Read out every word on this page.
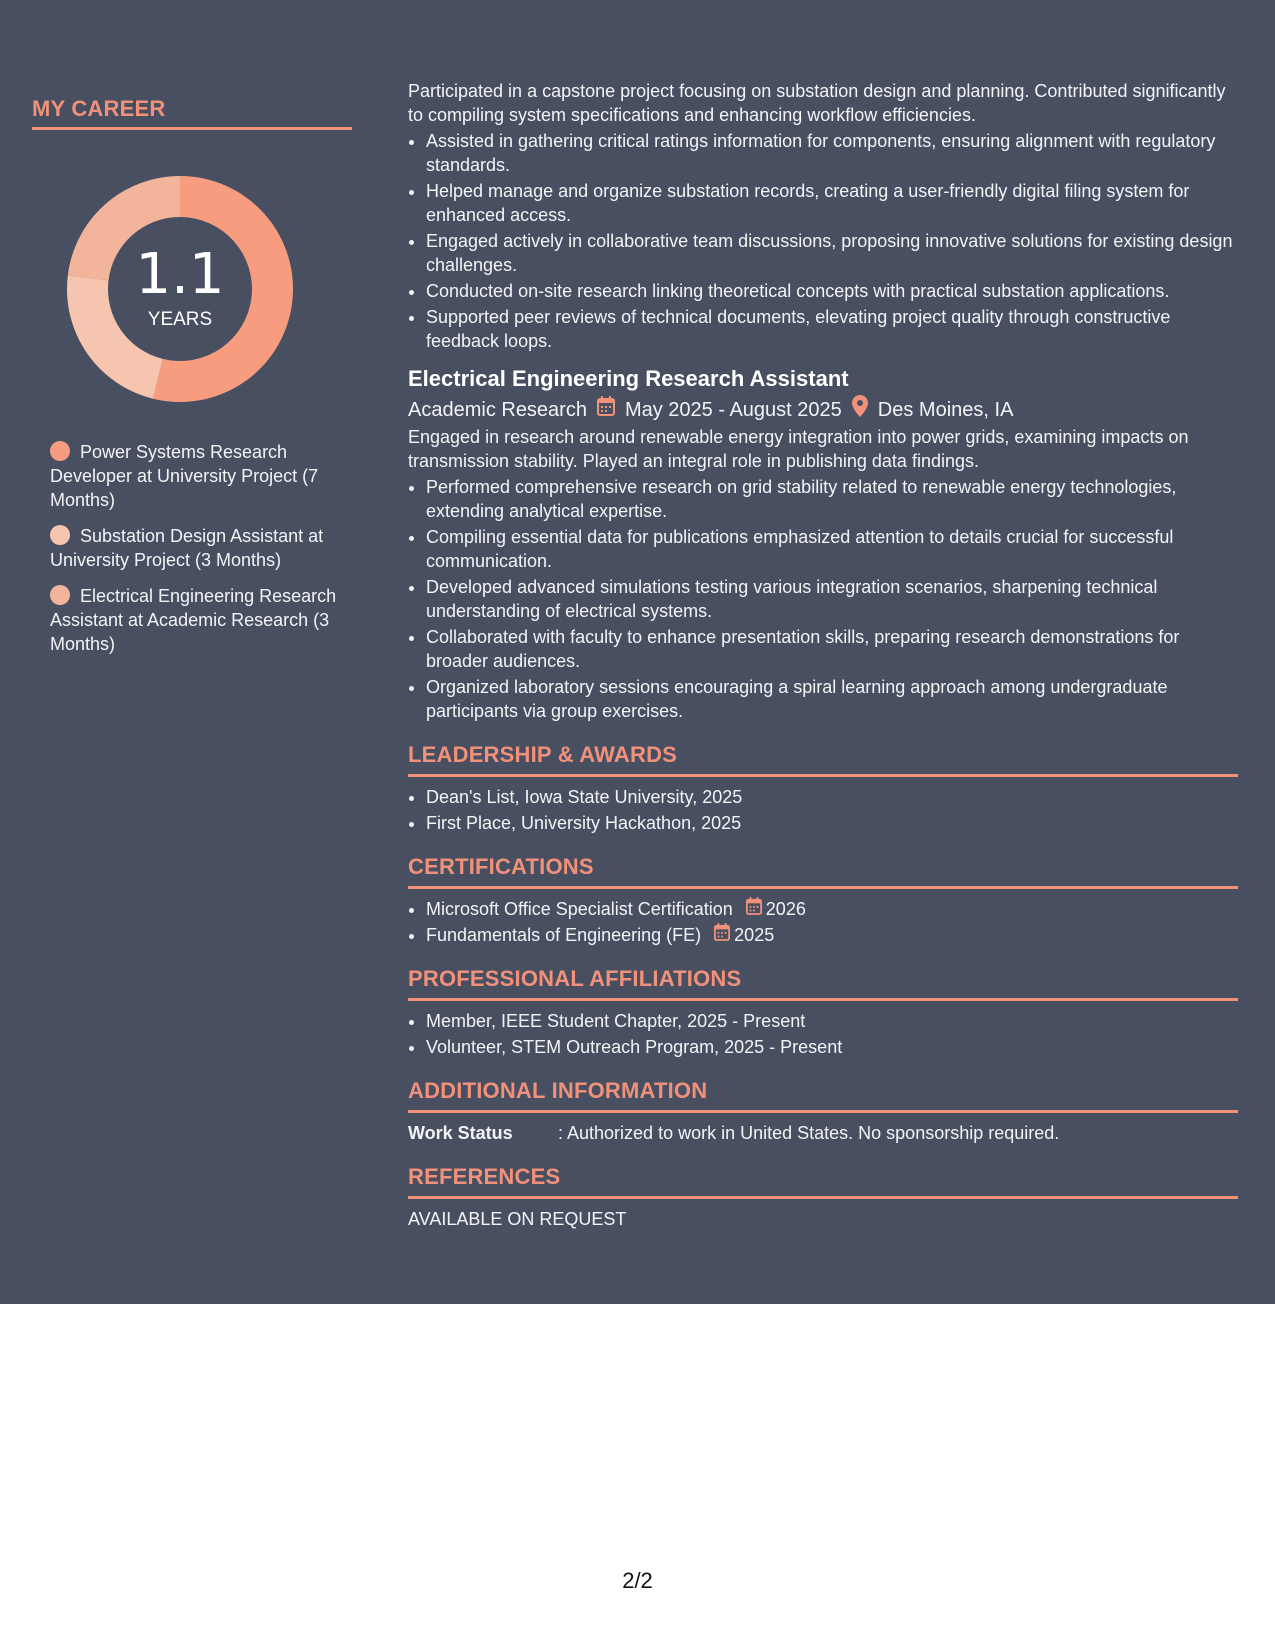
MY CAREER
1.1
YEARS
Power Systems Research Developer at University Project (7 Months)
Substation Design Assistant at University Project (3 Months)
Electrical Engineering Research Assistant at Academic Research (3 Months)

Participated in a capstone project focusing on substation design and planning. Contributed significantly to compiling system specifications and enhancing workflow efficiencies.

• Assisted in gathering critical ratings information for components, ensuring alignment with regulatory standards.
• Helped manage and organize substation records, creating a user-friendly digital filing system for enhanced access.
• Engaged actively in collaborative team discussions, proposing innovative solutions for existing design challenges.
• Conducted on-site research linking theoretical concepts with practical substation applications.
• Supported peer reviews of technical documents, elevating project quality through constructive feedback loops.
Electrical Engineering Research Assistant
Academic Research May 2025 - August 2025 Des Moines, IA

Engaged in research around renewable energy integration into power grids, examining impacts on transmission stability. Played an integral role in publishing data findings.

• Performed comprehensive research on grid stability related to renewable energy technologies, extending analytical expertise.
• Compiling essential data for publications emphasized attention to details crucial for successful communication.
• Developed advanced simulations testing various integration scenarios, sharpening technical understanding of electrical systems.
• Collaborated with faculty to enhance presentation skills, preparing research demonstrations for broader audiences.
• Organized laboratory sessions encouraging a spiral learning approach among undergraduate participants via group exercises.
LEADERSHIP & AWARDS
• Dean's List, Iowa State University, 2025
• First Place, University Hackathon, 2025
CERTIFICATIONS
• Microsoft Office Specialist Certification 2026
• Fundamentals of Engineering (FE) 2025
PROFESSIONAL AFFILIATIONS
• Member, IEEE Student Chapter, 2025 - Present
• Volunteer, STEM Outreach Program, 2025 - Present
ADDITIONAL INFORMATION
Work Status	: Authorized to work in United States. No sponsorship required.
REFERENCES

AVAILABLE ON REQUEST

2/2
